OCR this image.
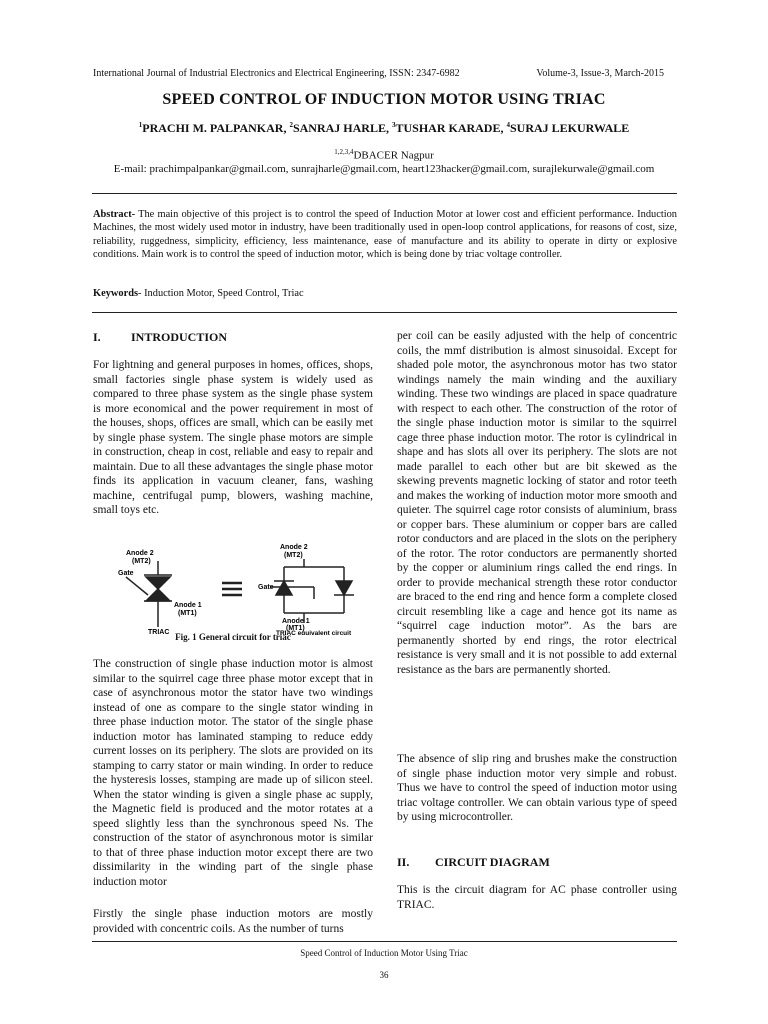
International Journal of Industrial Electronics and Electrical Engineering, ISSN: 2347-6982	Volume-3, Issue-3, March-2015
SPEED CONTROL OF INDUCTION MOTOR USING TRIAC
$^1$PRACHI M. PALPANKAR, $^2$SANRAJ HARLE, $^3$TUSHAR KARADE, $^4$SURAJ LEKURWALE
$^{1,2,3,4}$DBACER Nagpur
E-mail: prachimpalpankar@gmail.com, sunrajharle@gmail.com, heart123hacker@gmail.com, surajlekurwale@gmail.com
Abstract- The main objective of this project is to control the speed of Induction Motor at lower cost and efficient performance. Induction Machines, the most widely used motor in industry, have been traditionally used in open-loop control applications, for reasons of cost, size, reliability, ruggedness, simplicity, efficiency, less maintenance, ease of manufacture and its ability to operate in dirty or explosive conditions. Main work is to control the speed of induction motor, which is being done by triac voltage controller.
Keywords- Induction Motor, Speed Control, Triac
I.	INTRODUCTION
For lightning and general purposes in homes, offices, shops, small factories single phase system is widely used as compared to three phase system as the single phase system is more economical and the power requirement in most of the houses, shops, offices are small, which can be easily met by single phase system. The single phase motors are simple in construction, cheap in cost, reliable and easy to repair and maintain. Due to all these advantages the single phase motor finds its application in vacuum cleaner, fans, washing machine, centrifugal pump, blowers, washing machine, small toys etc.
Anode 2
(MT2)
Gate
Anode 1
(MT1)
TRIAC
Anode 2
(MT2)
Gate
Anode 1
(MT1)
TRIAC equivalent circuit
Fig. 1 General circuit for triac
The construction of single phase induction motor is almost similar to the squirrel cage three phase motor except that in case of asynchronous motor the stator have two windings instead of one as compare to the single stator winding in three phase induction motor. The stator of the single phase induction motor has laminated stamping to reduce eddy current losses on its periphery. The slots are provided on its stamping to carry stator or main winding. In order to reduce the hysteresis losses, stamping are made up of silicon steel. When the stator winding is given a single phase ac supply, the Magnetic field is produced and the motor rotates at a speed slightly less than the synchronous speed Ns. The construction of the stator of asynchronous motor is similar to that of three phase induction motor except there are two dissimilarity in the winding part of the single phase induction motor
Firstly the single phase induction motors are mostly provided with concentric coils. As the number of turns
per coil can be easily adjusted with the help of concentric coils, the mmf distribution is almost sinusoidal. Except for shaded pole motor, the asynchronous motor has two stator windings namely the main winding and the auxiliary winding. These two windings are placed in space quadrature with respect to each other. The construction of the rotor of the single phase induction motor is similar to the squirrel cage three phase induction motor. The rotor is cylindrical in shape and has slots all over its periphery. The slots are not made parallel to each other but are bit skewed as the skewing prevents magnetic locking of stator and rotor teeth and makes the working of induction motor more smooth and quieter. The squirrel cage rotor consists of aluminium, brass or copper bars. These aluminium or copper bars are called rotor conductors and are placed in the slots on the periphery of the rotor. The rotor conductors are permanently shorted by the copper or aluminium rings called the end rings. In order to provide mechanical strength these rotor conductor are braced to the end ring and hence form a complete closed circuit resembling like a cage and hence got its name as “squirrel cage induction motor”. As the bars are permanently shorted by end rings, the rotor electrical resistance is very small and it is not possible to add external resistance as the bars are permanently shorted.
The absence of slip ring and brushes make the construction of single phase induction motor very simple and robust. Thus we have to control the speed of induction motor using triac voltage controller. We can obtain various type of speed by using microcontroller.
II. CIRCUIT DIAGRAM
This is the circuit diagram for AC phase controller using TRIAC.
Speed Control of Induction Motor Using Triac
36
